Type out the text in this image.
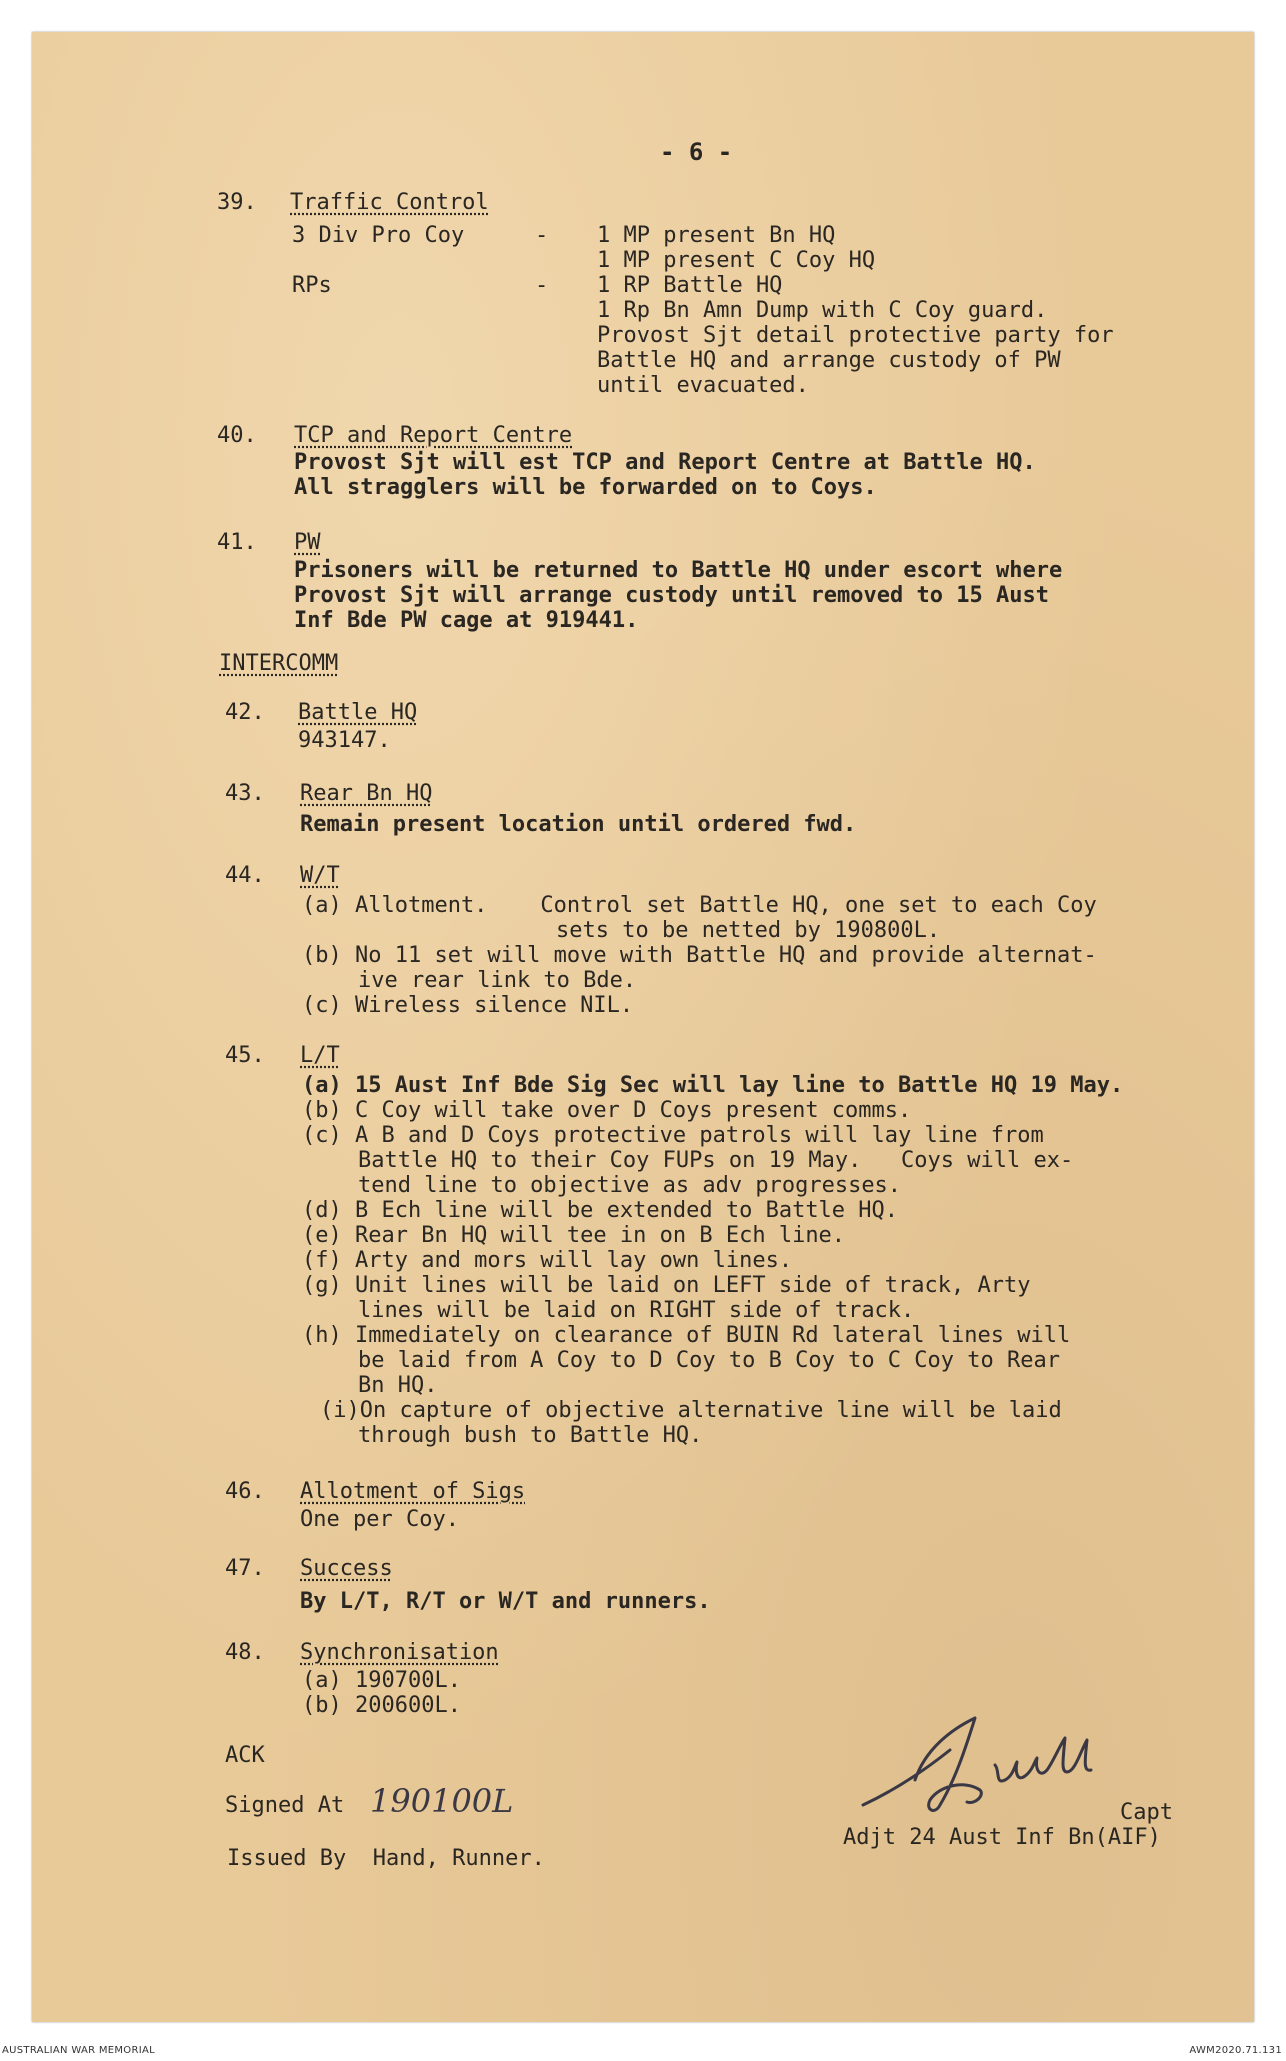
- 6 -
39. Traffic Control
3 Div Pro Coy	- 1 MP present Bn HQ
1 MP present C Coy HQ
RPs	- 1 RP Battle HQ
1 Rp Bn Amn Dump with C Coy guard.
Provost Sjt detail protective party for
Battle HQ and arrange custody of PW
until evacuated.
40. TCP and Report Centre
Provost Sjt will est TCP and Report Centre at Battle HQ.
All stragglers will be forwarded on to Coys.
41. PW
Prisoners will be returned to Battle HQ under escort where
Provost Sjt will arrange custody until removed to 15 Aust
Inf Bde PW cage at 919441.
INTERCOMM
42. Battle HQ
943147.
43. Rear Bn HQ
Remain present location until ordered fwd.
44. W/T
(a) Allotment.    Control set Battle HQ, one set to each Coy
sets to be netted by 190800L.
(b) No 11 set will move with Battle HQ and provide alternat-
ive rear link to Bde.
(c) Wireless silence NIL.
45. L/T
(a) 15 Aust Inf Bde Sig Sec will lay line to Battle HQ 19 May.
(b) C Coy will take over D Coys present comms.
(c) A B and D Coys protective patrols will lay line from
Battle HQ to their Coy FUPs on 19 May.   Coys will ex-
tend line to objective as adv progresses.
(d) B Ech line will be extended to Battle HQ.
(e) Rear Bn HQ will tee in on B Ech line.
(f) Arty and mors will lay own lines.
(g) Unit lines will be laid on LEFT side of track, Arty
lines will be laid on RIGHT side of track.
(h) Immediately on clearance of BUIN Rd lateral lines will
be laid from A Coy to D Coy to B Coy to C Coy to Rear
Bn HQ.
(i)On capture of objective alternative line will be laid
through bush to Battle HQ.
46. Allotment of Sigs
One per Coy.
47. Success
By L/T, R/T or W/T and runners.
48. Synchronisation
(a) 190700L.
(b) 200600L.
ACK
Signed At 190100L
Issued By  Hand, Runner.
Capt
Adjt 24 Aust Inf Bn(AIF)
AUSTRALIAN WAR MEMORIAL	AWM2020.71.131
